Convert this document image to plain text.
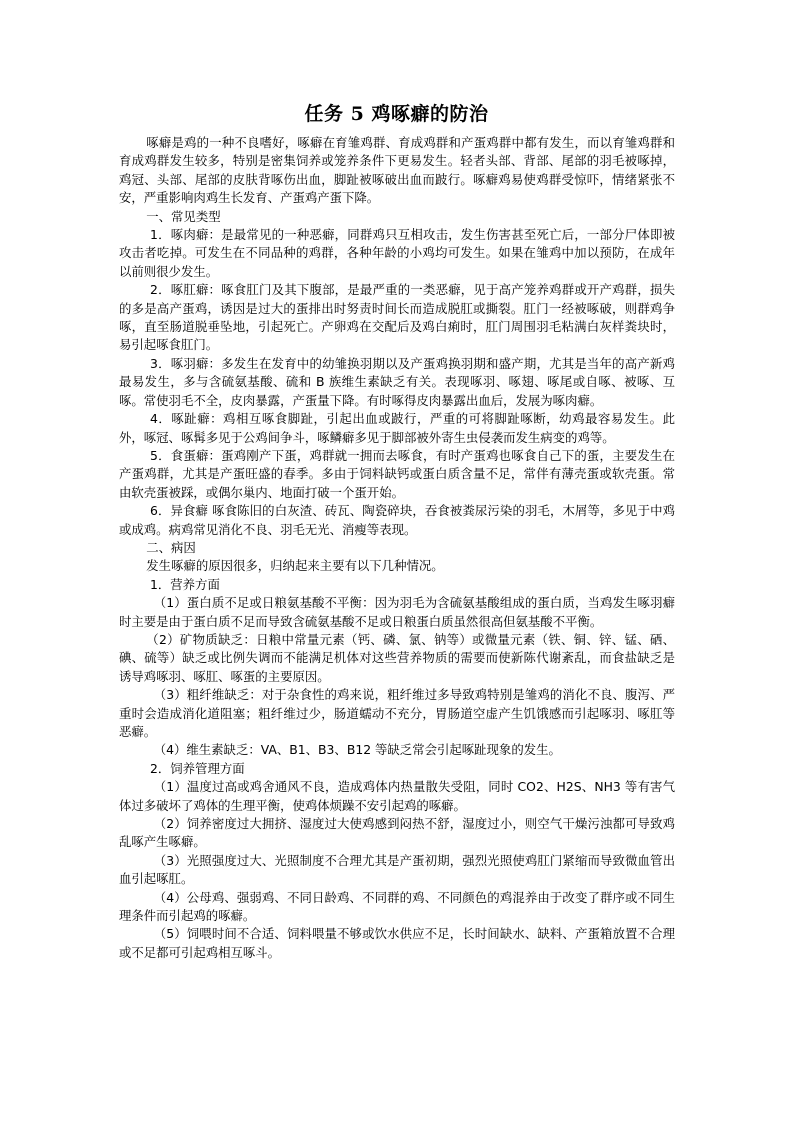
任务 5 鸡啄癖的防治

啄癖是鸡的一种不良嗜好，啄癖在育雏鸡群、育成鸡群和产蛋鸡群中都有发生，而以育雏鸡群和育成鸡群发生较多，特别是密集饲养或笼养条件下更易发生。轻者头部、背部、尾部的羽毛被啄掉，鸡冠、头部、尾部的皮肤背啄伤出血，脚趾被啄破出血而跛行。啄癖鸡易使鸡群受惊吓，情绪紧张不安，严重影响肉鸡生长发育、产蛋鸡产蛋下降。

一、常见类型

1．啄肉癖：是最常见的一种恶癖，同群鸡只互相攻击，发生伤害甚至死亡后，一部分尸体即被攻击者吃掉。可发生在不同品种的鸡群，各种年龄的小鸡均可发生。如果在雏鸡中加以预防，在成年以前则很少发生。

2．啄肛癖：啄食肛门及其下腹部，是最严重的一类恶癖，见于高产笼养鸡群或开产鸡群，损失的多是高产蛋鸡，诱因是过大的蛋排出时努责时间长而造成脱肛或撕裂。肛门一经被啄破，则群鸡争啄，直至肠道脱垂坠地，引起死亡。产卵鸡在交配后及鸡白痢时，肛门周围羽毛粘满白灰样粪块时，易引起啄食肛门。

3．啄羽癖：多发生在发育中的幼雏换羽期以及产蛋鸡换羽期和盛产期，尤其是当年的高产新鸡最易发生，多与含硫氨基酸、硫和 B 族维生素缺乏有关。表现啄羽、啄翅、啄尾或自啄、被啄、互啄。常使羽毛不全，皮肉暴露，产蛋量下降。有时啄得皮肉暴露出血后，发展为啄肉癖。

4．啄趾癖：鸡相互啄食脚趾，引起出血或跛行，严重的可将脚趾啄断，幼鸡最容易发生。此外，啄冠、啄髯多见于公鸡间争斗，啄鳞癖多见于脚部被外寄生虫侵袭而发生病变的鸡等。

5．食蛋癖：蛋鸡刚产下蛋，鸡群就一拥而去啄食，有时产蛋鸡也啄食自己下的蛋，主要发生在产蛋鸡群，尤其是产蛋旺盛的春季。多由于饲料缺钙或蛋白质含量不足，常伴有薄壳蛋或软壳蛋。常由软壳蛋被踩，或偶尔巢内、地面打破一个蛋开始。

6．异食癖 啄食陈旧的白灰渣、砖瓦、陶瓷碎块，吞食被粪尿污染的羽毛，木屑等，多见于中鸡或成鸡。病鸡常见消化不良、羽毛无光、消瘦等表现。

二、病因

发生啄癖的原因很多，归纳起来主要有以下几种情况。

1．营养方面

（1）蛋白质不足或日粮氨基酸不平衡：因为羽毛为含硫氨基酸组成的蛋白质，当鸡发生啄羽癖时主要是由于蛋白质不足而导致含硫氨基酸不足或日粮蛋白质虽然很高但氨基酸不平衡。

（2）矿物质缺乏：日粮中常量元素（钙、磷、氯、钠等）或微量元素（铁、铜、锌、锰、硒、碘、硫等）缺乏或比例失调而不能满足机体对这些营养物质的需要而使新陈代谢紊乱，而食盐缺乏是诱导鸡啄羽、啄肛、啄蛋的主要原因。

（3）粗纤维缺乏：对于杂食性的鸡来说，粗纤维过多导致鸡特别是雏鸡的消化不良、腹泻、严重时会造成消化道阻塞；粗纤维过少，肠道蠕动不充分，胃肠道空虚产生饥饿感而引起啄羽、啄肛等恶癖。

（4）维生素缺乏：VA、B1、B3、B12 等缺乏常会引起啄趾现象的发生。

2．饲养管理方面

（1）温度过高或鸡舍通风不良，造成鸡体内热量散失受阻，同时 CO2、H2S、NH3 等有害气体过多破坏了鸡体的生理平衡，使鸡体烦躁不安引起鸡的啄癖。

（2）饲养密度过大拥挤、湿度过大使鸡感到闷热不舒，湿度过小，则空气干燥污浊都可导致鸡乱啄产生啄癖。

（3）光照强度过大、光照制度不合理尤其是产蛋初期，强烈光照使鸡肛门紧缩而导致微血管出血引起啄肛。

（4）公母鸡、强弱鸡、不同日龄鸡、不同群的鸡、不同颜色的鸡混养由于改变了群序或不同生理条件而引起鸡的啄癖。

（5）饲喂时间不合适、饲料喂量不够或饮水供应不足，长时间缺水、缺料、产蛋箱放置不合理或不足都可引起鸡相互啄斗。
